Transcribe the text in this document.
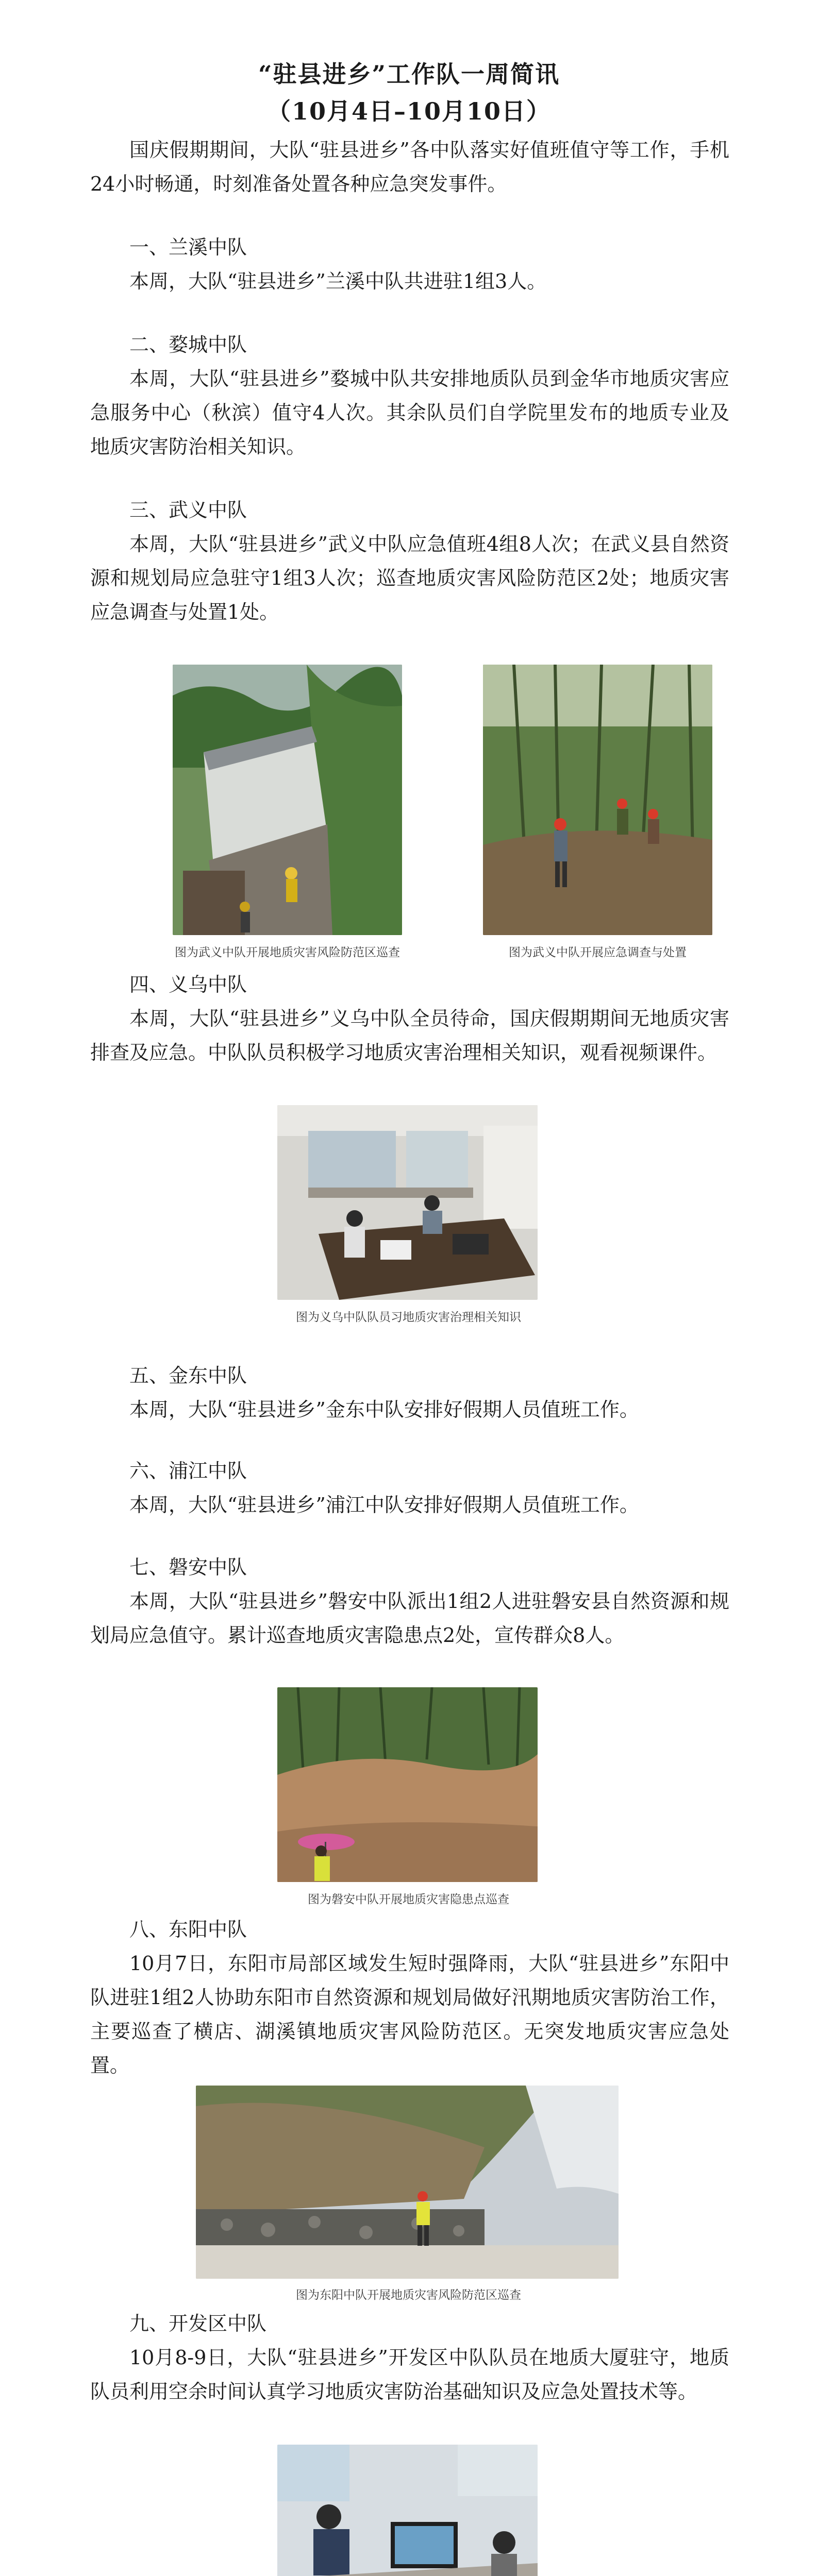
“驻县进乡”工作队一周简讯
（10月4日–10月10日）

国庆假期期间，大队“驻县进乡”各中队落实好值班值守等工作，手机24小时畅通，时刻准备处置各种应急突发事件。

一、兰溪中队

本周，大队“驻县进乡”兰溪中队共进驻1组3人。

二、婺城中队

本周，大队“驻县进乡”婺城中队共安排地质队员到金华市地质灾害应急服务中心（秋滨）值守4人次。其余队员们自学院里发布的地质专业及地质灾害防治相关知识。

三、武义中队

本周，大队“驻县进乡”武义中队应急值班4组8人次；在武义县自然资源和规划局应急驻守1组3人次；巡查地质灾害风险防范区2处；地质灾害应急调查与处置1处。

图为武义中队开展地质灾害风险防范区巡查	图为武义中队开展应急调查与处置

四、义乌中队

本周，大队“驻县进乡”义乌中队全员待命，国庆假期期间无地质灾害排查及应急。中队队员积极学习地质灾害治理相关知识，观看视频课件。

图为义乌中队队员习地质灾害治理相关知识

五、金东中队

本周，大队“驻县进乡”金东中队安排好假期人员值班工作。

六、浦江中队

本周，大队“驻县进乡”浦江中队安排好假期人员值班工作。

七、磐安中队

本周，大队“驻县进乡”磐安中队派出1组2人进驻磐安县自然资源和规划局应急值守。累计巡查地质灾害隐患点2处，宣传群众8人。

图为磐安中队开展地质灾害隐患点巡查

八、东阳中队

10月7日，东阳市局部区域发生短时强降雨，大队“驻县进乡”东阳中队进驻1组2人协助东阳市自然资源和规划局做好汛期地质灾害防治工作，主要巡查了横店、湖溪镇地质灾害风险防范区。无突发地质灾害应急处置。

图为东阳中队开展地质灾害风险防范区巡查

九、开发区中队

10月8-9日，大队“驻县进乡”开发区中队队员在地质大厦驻守，地质队员利用空余时间认真学习地质灾害防治基础知识及应急处置技术等。
